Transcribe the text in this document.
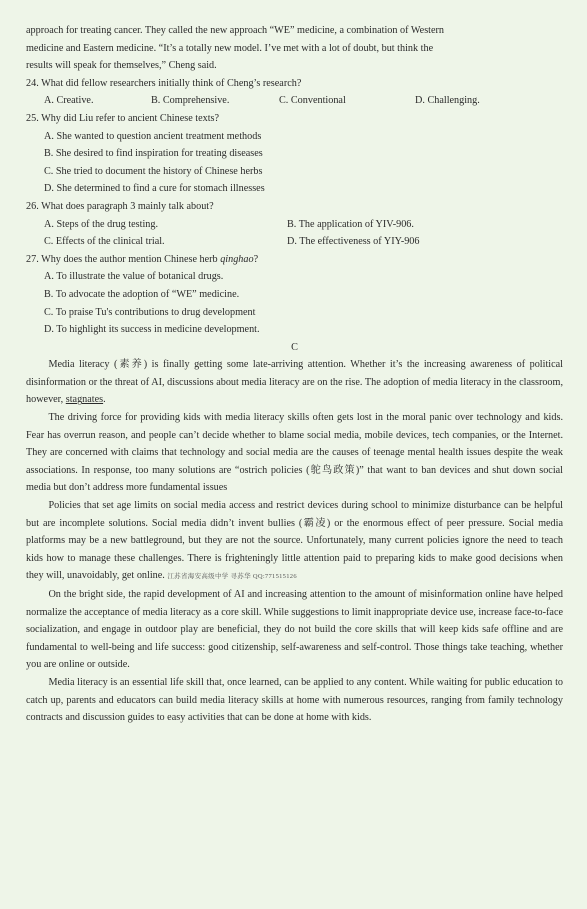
approach for treating cancer. They called the new approach “WE” medicine, a combination of Western

medicine and Eastern medicine. “It’s a totally new model. I’ve met with a lot of doubt, but think the

results will speak for themselves,” Cheng said.

24. What did fellow researchers initially think of Cheng’s research?

A. Creative.	B. Comprehensive.	C. Conventional	D. Challenging.

25. Why did Liu refer to ancient Chinese texts?

A. She wanted to question ancient treatment methods

B. She desired to find inspiration for treating diseases

C. She tried to document the history of Chinese herbs

D. She determined to find a cure for stomach illnesses

26. What does paragraph 3 mainly talk about?

A. Steps of the drug testing.	B. The application of YIV-906.
C. Effects of the clinical trial.	D. The effectiveness of YIY-906

27. Why does the author mention Chinese herb qinghao?

A. To illustrate the value of botanical drugs.

B. To advocate the adoption of “WE” medicine.

C. To praise Tu's contributions to drug development

D. To highlight its success in medicine development.

C

Media literacy (素养) is finally getting some late-arriving attention. Whether it’s the increasing awareness of political disinformation or the threat of AI, discussions about media literacy are on the rise. The adoption of media literacy in the classroom, however, stagnates.

The driving force for providing kids with media literacy skills often gets lost in the moral panic over technology and kids. Fear has overrun reason, and people can’t decide whether to blame social media, mobile devices, tech companies, or the Internet. They are concerned with claims that technology and social media are the causes of teenage mental health issues despite the weak associations. In response, too many solutions are “ostrich policies (鸵鸟政策)” that want to ban devices and shut down social media but don’t address more fundamental issues

Policies that set age limits on social media access and restrict devices during school to minimize disturbance can be helpful but are incomplete solutions. Social media didn’t invent bullies (霸凌) or the enormous effect of peer pressure. Social media platforms may be a new battleground, but they are not the source. Unfortunately, many current policies ignore the need to teach kids how to manage these challenges. There is frighteningly little attention paid to preparing kids to make good decisions when they will, unavoidably, get online. 江苏省海安高级中学 寻苏华 QQ:771515126

On the bright side, the rapid development of AI and increasing attention to the amount of misinformation online have helped normalize the acceptance of media literacy as a core skill. While suggestions to limit inappropriate device use, increase face-to-face socialization, and engage in outdoor play are beneficial, they do not build the core skills that will keep kids safe offline and are fundamental to well-being and life success: good citizenship, self-awareness and self-control. Those things take teaching, whether you are online or outside.

Media literacy is an essential life skill that, once learned, can be applied to any content. While waiting for public education to catch up, parents and educators can build media literacy skills at home with numerous resources, ranging from family technology contracts and discussion guides to easy activities that can be done at home with kids.
